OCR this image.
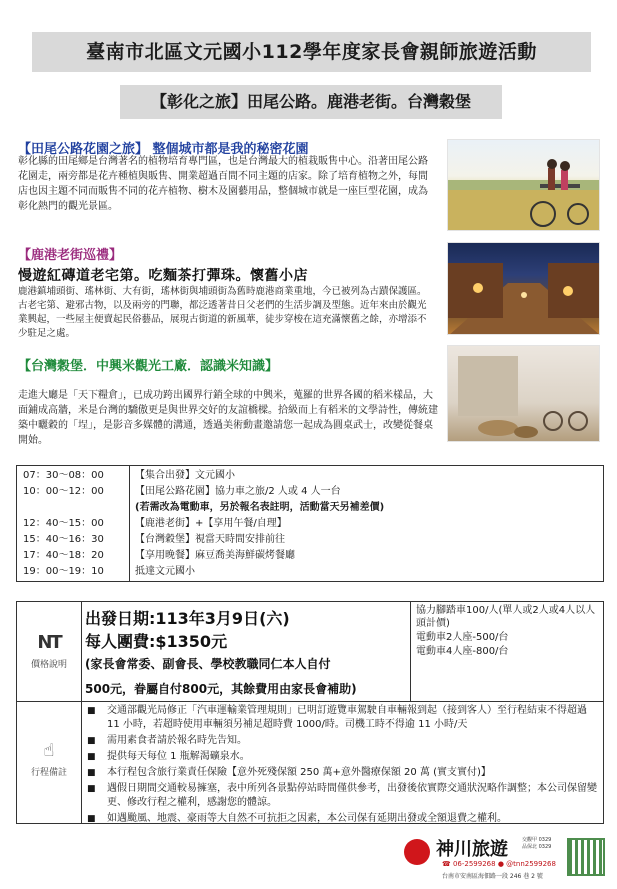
臺南市北區文元國小112學年度家長會親師旅遊活動
【彰化之旅】田尾公路。鹿港老街。台灣穀堡
【田尾公路花園之旅】 整個城市都是我的秘密花園
彰化縣的田尾鄉是台灣著名的植物培育專門區，也是台灣最大的植栽販售中心。沿著田尾公路花園走，兩旁都是花卉種植與販售、開業超過百間不同主題的店家。除了培育植物之外，每間店也因主題不同而販售不同的花卉植物、樹木及園藝用品，整個城市就是一座巨型花園，成為彰化熱門的觀光景區。
【鹿港老街巡禮】
慢遊紅磚道老宅第。吃麵茶打彈珠。懷舊小店
鹿港鎮埔頭街、瑤林街、大有街，瑤林街與埔頭街為舊時鹿港商業重地，今已被列為古蹟保護區。古老宅第、避邪古物，以及兩旁的門聯，都泛透著昔日父老們的生活步調及型態。近年來由於觀光業興起，一些屋主便賣起民俗藝品，展現古街道的新風華，徒步穿梭在這充滿懷舊之餘，亦增添不少駐足之處。
【台灣穀堡．中興米觀光工廠．認識米知識】
走進大廳是「天下糧倉」，已成功跨出國界行銷全球的中興米，蒐羅的世界各國的稻米樣品，大面鋪成高牆，米是台灣的驕傲更是與世界交好的友誼橋樑。拾級而上有稻米的文學詩性，傳統建築中曬穀的「埕」，是影音多媒體的溝通，透過美術動畫邀請您一起成為圓桌武士，改變從餐桌開始。
07：30～08：00	【集合出發】文元國小
10：00～12：00	【田尾公路花園】協力車之旅/2 人或 4 人一台
(若需改為電動車，另於報名表註明，活動當天另補差價)
12：40～15：00	【鹿港老街】+【享用午餐/自理】
15：40～16：30	【台灣穀堡】視當天時間安排前往
17：40～18：20	【享用晚餐】麻豆喬美海鮮碳烤餐廳
19：00～19：10	抵達文元國小
NT
價格說明
出發日期:113年3月9日(六)
每人團費:$1350元
(家長會常委、副會長、學校教職同仁本人自付
500元，眷屬自付800元，其餘費用由家長會補助)
協力腳踏車100/人(單人或2人或4人以人頭計價)
電動車2人座-500/台
電動車4人座-800/台
☝
行程備註
■ 交通部觀光局修正「汽車運輸業管理規則」已明訂遊覽車駕駛自車輛報到起（接到客人）至行程結束不得超過 11 小時，若超時使用車輛須另補足超時費 1000/時。司機工時不得逾 11 小時/天
■ 需用素食者請於報名時先告知。
■ 提供每天每位 1 瓶解渴礦泉水。
■ 本行程包含旅行業責任保險【意外死殘保額 250 萬+意外醫療保額 20 萬 (實支實付)】
■ 遇假日期間交通較易擁塞，表中所列各景點停站時間僅供參考，出發後依實際交通狀況略作調整；本公司保留變更、修改行程之權利，感謝您的體諒。
■ 如遇颱風、地震、豪雨等大自然不可抗拒之因素，本公司保有延期出發或全額退費之權利。
神川旅遊	交觀甲 0329
品保北 0329
☎ 06-2599268 ● @tnn2599268
台南市安南區海佃路一段 246 巷 2 號
